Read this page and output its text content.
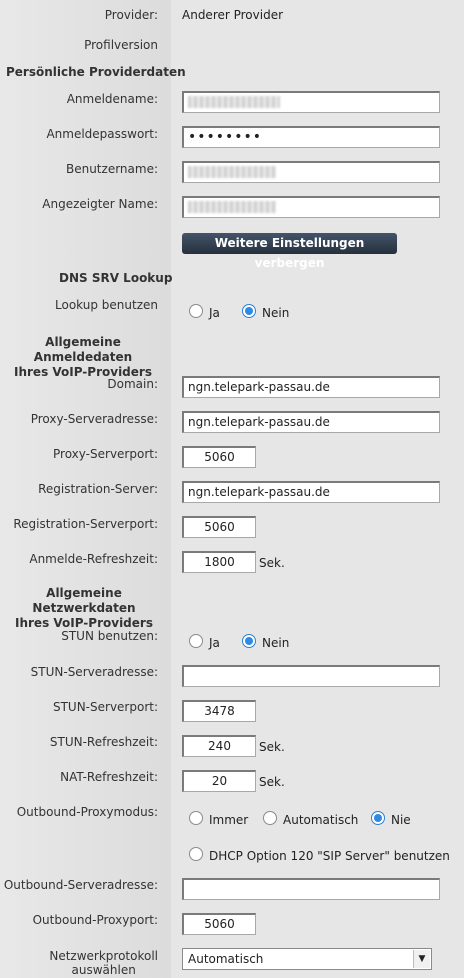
Provider: Anderer Provider
Profilversion
Persönliche Providerdaten
Anmeldename:
Anmeldepasswort:	••••••••
Benutzername:
Angezeigter Name:
Weitere Einstellungen verbergen
DNS SRV Lookup
Lookup benutzen
Ja	Nein
Allgemeine Anmeldedaten
Ihres VoIP-Providers
Domain:	ngn.telepark-passau.de
Proxy-Serveradresse:	ngn.telepark-passau.de
Proxy-Serverport:	5060
Registration-Server:	ngn.telepark-passau.de
Registration-Serverport:	5060
Anmelde-Refreshzeit:	1800	Sek.
Allgemeine Netzwerkdaten
Ihres VoIP-Providers
STUN benutzen:	Ja	Nein
STUN-Serveradresse:
STUN-Serverport:	3478
STUN-Refreshzeit:	240	Sek.
NAT-Refreshzeit:	20	Sek.
Outbound-Proxymodus:
Immer	Automatisch	Nie
DHCP Option 120 "SIP Server" benutzen
Outbound-Serveradresse:
Outbound-Proxyport:	5060
Netzwerkprotokoll
auswählen
Automatisch	▼
